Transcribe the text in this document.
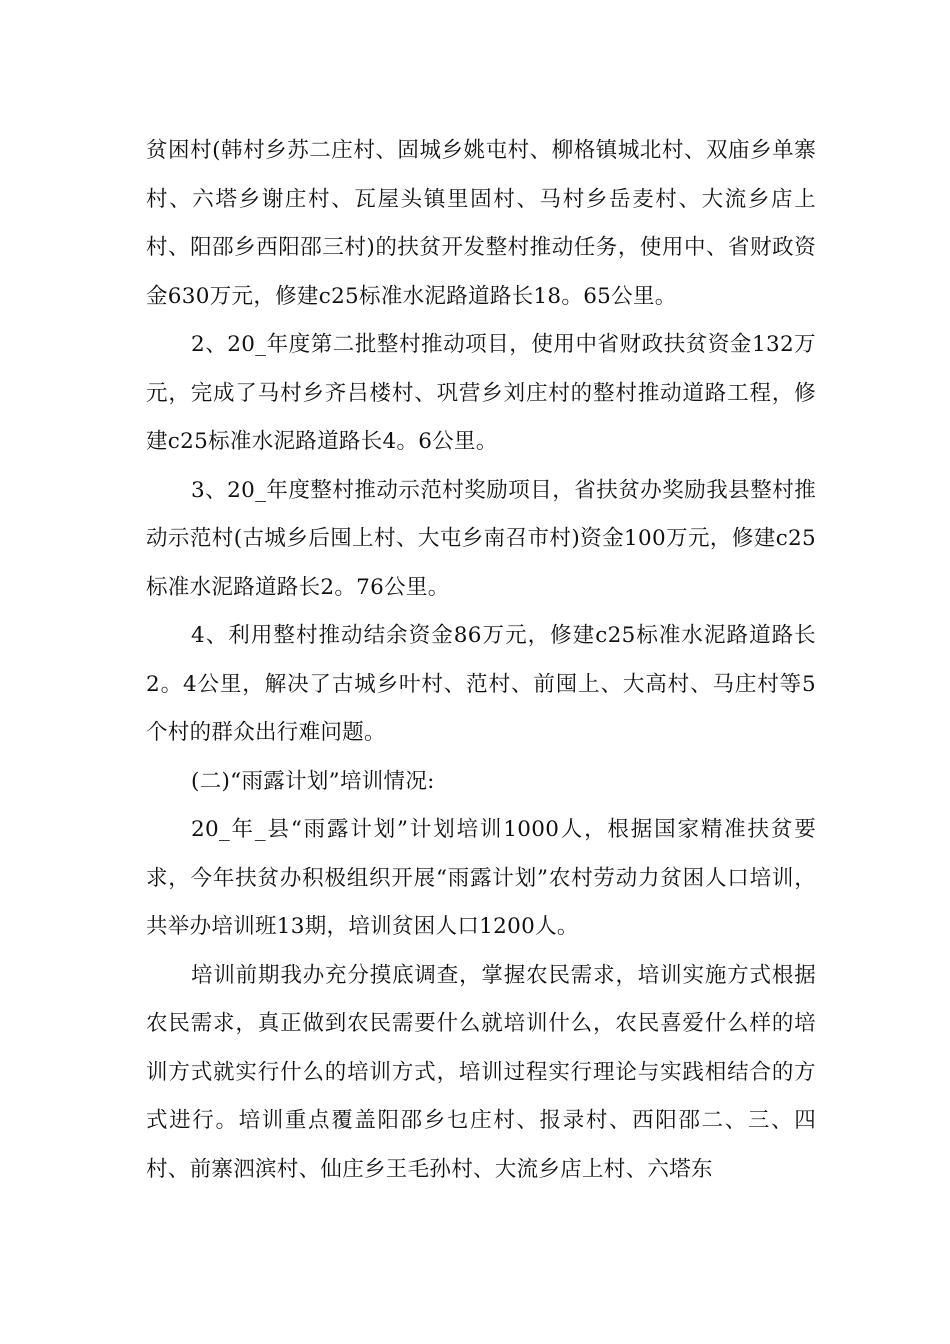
贫困村(韩村乡苏二庄村、固城乡姚屯村、柳格镇城北村、双庙乡单寨村、六塔乡谢庄村、瓦屋头镇里固村、马村乡岳麦村、大流乡店上村、阳邵乡西阳邵三村)的扶贫开发整村推动任务，使用中、省财政资金630万元，修建c25标准水泥路道路长18。65公里。

2、20_年度第二批整村推动项目，使用中省财政扶贫资金132万元，完成了马村乡齐吕楼村、巩营乡刘庄村的整村推动道路工程，修建c25标准水泥路道路长4。6公里。

3、20_年度整村推动示范村奖励项目，省扶贫办奖励我县整村推动示范村(古城乡后囤上村、大屯乡南召市村)资金100万元，修建c25标准水泥路道路长2。76公里。

4、利用整村推动结余资金86万元，修建c25标准水泥路道路长2。4公里，解决了古城乡叶村、范村、前囤上、大高村、马庄村等5个村的群众出行难问题。

(二)“雨露计划”培训情况:

20_年_县“雨露计划”计划培训1000人，根据国家精准扶贫要求，今年扶贫办积极组织开展“雨露计划”农村劳动力贫困人口培训，共举办培训班13期，培训贫困人口1200人。

培训前期我办充分摸底调查，掌握农民需求，培训实施方式根据农民需求，真正做到农民需要什么就培训什么，农民喜爱什么样的培训方式就实行什么的培训方式，培训过程实行理论与实践相结合的方式进行。培训重点覆盖阳邵乡乜庄村、报录村、西阳邵二、三、四村、前寨泗滨村、仙庄乡王毛孙村、大流乡店上村、六塔东
